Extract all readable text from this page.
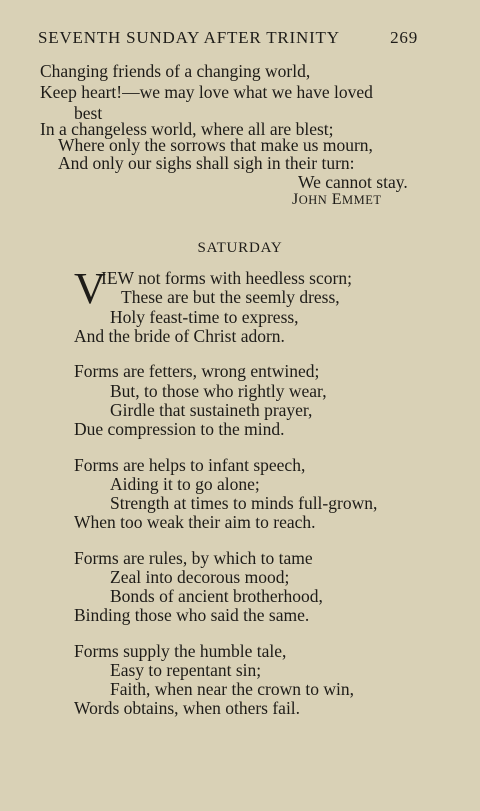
SEVENTH SUNDAY AFTER TRINITY	269
Changing friends of a changing world,
Keep heart!—we may love what we have loved
best
In a changeless world, where all are blest;
Where only the sorrows that make us mourn,
And only our sighs shall sigh in their turn:
We cannot stay.
JOHN EMMET
SATURDAY
V
IEW not forms with heedless scorn;
These are but the seemly dress,
Holy feast-time to express,
And the bride of Christ adorn.
Forms are fetters, wrong entwined;
But, to those who rightly wear,
Girdle that sustaineth prayer,
Due compression to the mind.
Forms are helps to infant speech,
Aiding it to go alone;
Strength at times to minds full-grown,
When too weak their aim to reach.
Forms are rules, by which to tame
Zeal into decorous mood;
Bonds of ancient brotherhood,
Binding those who said the same.
Forms supply the humble tale,
Easy to repentant sin;
Faith, when near the crown to win,
Words obtains, when others fail.
